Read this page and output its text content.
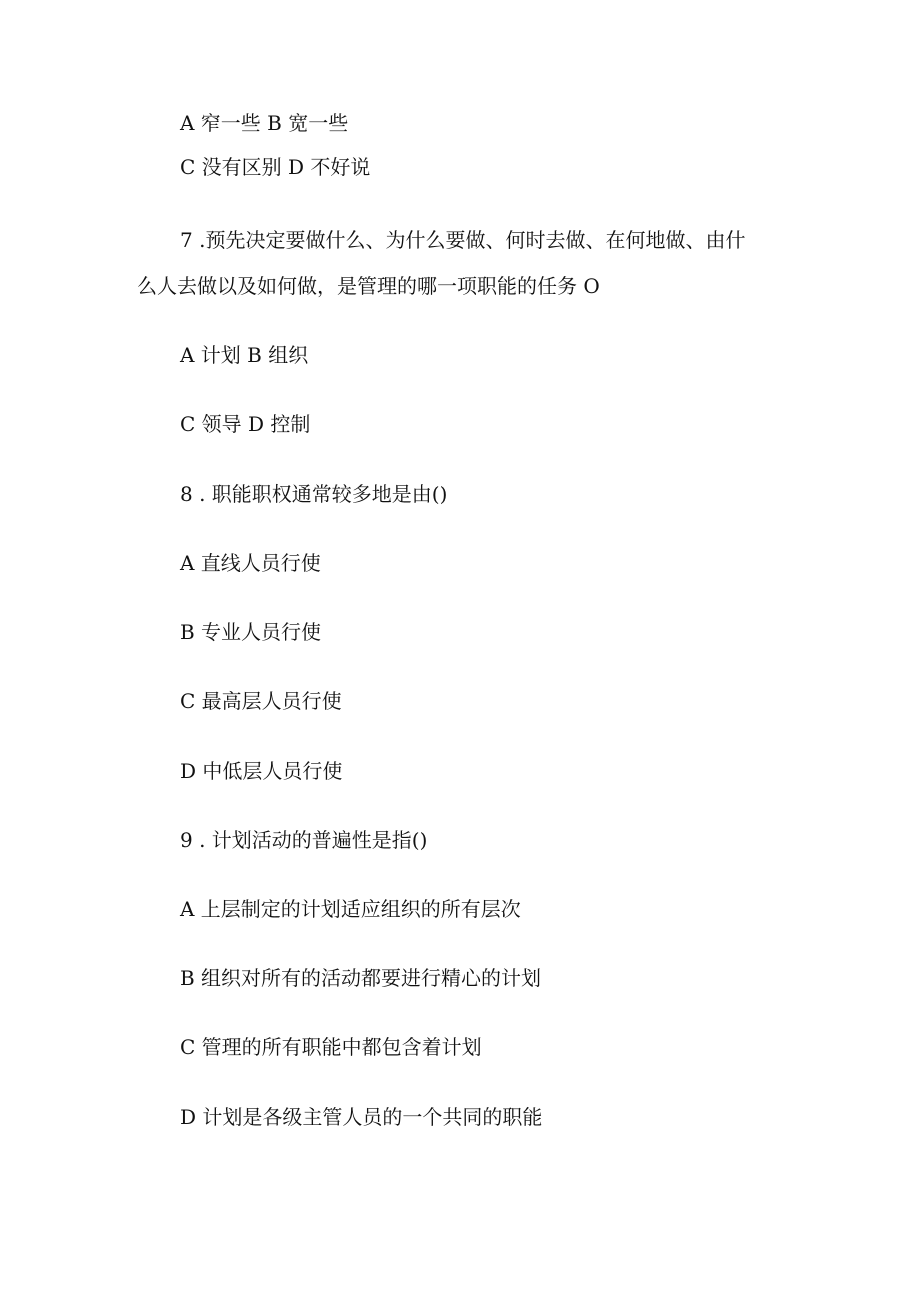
A 窄一些 B 宽一些

C 没有区别 D 不好说

7 .预先决定要做什么、为什么要做、何时去做、在何地做、由什

么人去做以及如何做，是管理的哪一项职能的任务 O

A 计划 B 组织

C 领导 D 控制

8 . 职能职权通常较多地是由()

A 直线人员行使

B 专业人员行使

C 最高层人员行使

D 中低层人员行使

9 . 计划活动的普遍性是指()

A 上层制定的计划适应组织的所有层次

B 组织对所有的活动都要进行精心的计划

C 管理的所有职能中都包含着计划

D 计划是各级主管人员的一个共同的职能
